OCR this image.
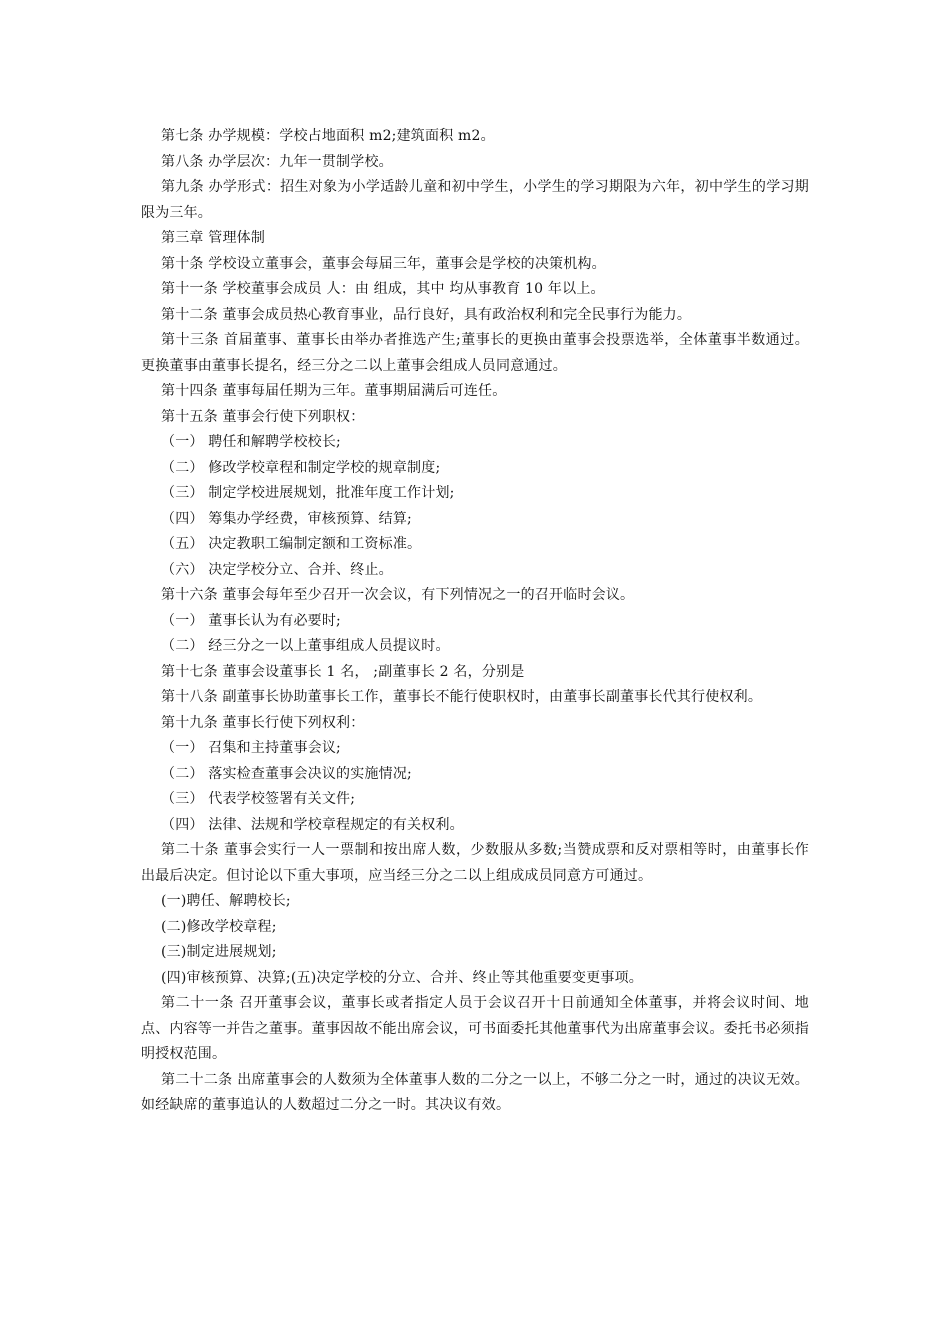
第七条 办学规模：学校占地面积 m2;建筑面积 m2。

第八条 办学层次：九年一贯制学校。

第九条 办学形式：招生对象为小学适龄儿童和初中学生，小学生的学习期限为六年，初中学生的学习期限为三年。

第三章 管理体制

第十条 学校设立董事会，董事会每届三年，董事会是学校的决策机构。

第十一条 学校董事会成员 人：由 组成，其中 均从事教育 10 年以上。

第十二条 董事会成员热心教育事业，品行良好，具有政治权利和完全民事行为能力。

第十三条 首届董事、董事长由举办者推选产生;董事长的更换由董事会投票选举，全体董事半数通过。更换董事由董事长提名，经三分之二以上董事会组成人员同意通过。

第十四条 董事每届任期为三年。董事期届满后可连任。

第十五条 董事会行使下列职权：

（一） 聘任和解聘学校校长;

（二） 修改学校章程和制定学校的规章制度;

（三） 制定学校进展规划，批准年度工作计划;

（四） 筹集办学经费，审核预算、结算;

（五） 决定教职工编制定额和工资标准。

（六） 决定学校分立、合并、终止。

第十六条 董事会每年至少召开一次会议，有下列情况之一的召开临时会议。

（一） 董事长认为有必要时;

（二） 经三分之一以上董事组成人员提议时。

第十七条 董事会设董事长 1 名， ;副董事长 2 名，分别是

第十八条 副董事长协助董事长工作，董事长不能行使职权时，由董事长副董事长代其行使权利。

第十九条 董事长行使下列权利：

（一） 召集和主持董事会议;

（二） 落实检查董事会决议的实施情况;

（三） 代表学校签署有关文件;

（四） 法律、法规和学校章程规定的有关权利。

第二十条 董事会实行一人一票制和按出席人数，少数服从多数;当赞成票和反对票相等时，由董事长作出最后决定。但讨论以下重大事项，应当经三分之二以上组成成员同意方可通过。

(一)聘任、解聘校长;

(二)修改学校章程;

(三)制定进展规划;

(四)审核预算、决算;(五)决定学校的分立、合并、终止等其他重要变更事项。

第二十一条 召开董事会议，董事长或者指定人员于会议召开十日前通知全体董事，并将会议时间、地点、内容等一并告之董事。董事因故不能出席会议，可书面委托其他董事代为出席董事会议。委托书必须指明授权范围。

第二十二条 出席董事会的人数须为全体董事人数的二分之一以上，不够二分之一时，通过的决议无效。如经缺席的董事追认的人数超过二分之一时。其决议有效。
